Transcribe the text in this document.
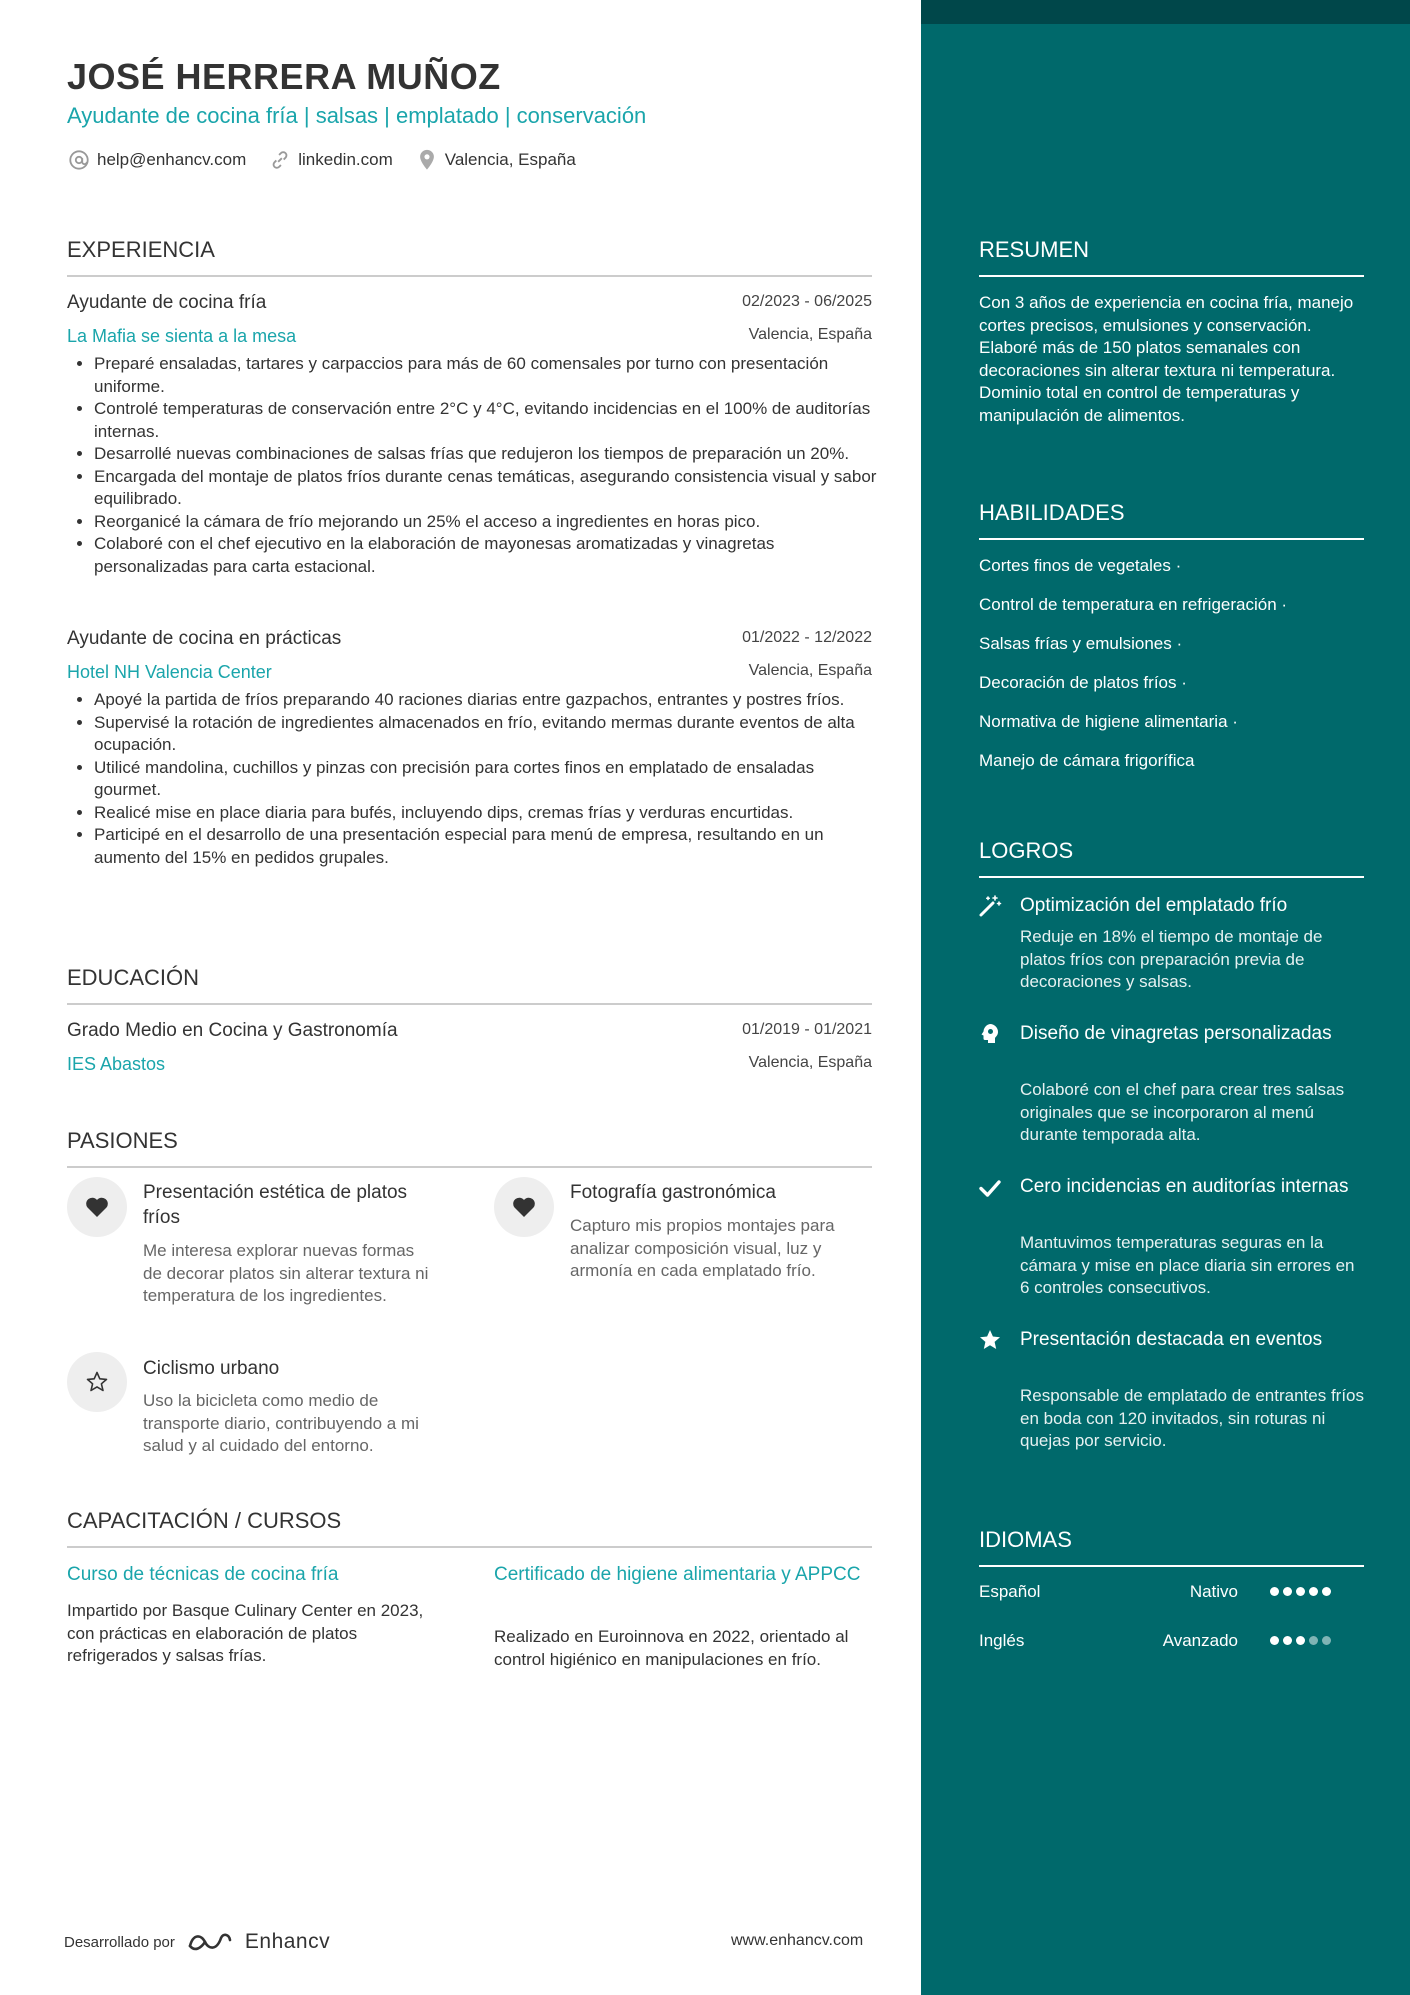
JOSÉ HERRERA MUÑOZ
Ayudante de cocina fría | salsas | emplatado | conservación
help@enhancv.com	linkedin.com	Valencia, España
EXPERIENCIA
Ayudante de cocina fría	02/2023 - 06/2025
La Mafia se sienta a la mesa	Valencia, España
• Preparé ensaladas, tartares y carpaccios para más de 60 comensales por turno con presentación uniforme.
• Controlé temperaturas de conservación entre 2°C y 4°C, evitando incidencias en el 100% de auditorías internas.
• Desarrollé nuevas combinaciones de salsas frías que redujeron los tiempos de preparación un 20%.
• Encargada del montaje de platos fríos durante cenas temáticas, asegurando consistencia visual y sabor equilibrado.
• Reorganicé la cámara de frío mejorando un 25% el acceso a ingredientes en horas pico.
• Colaboré con el chef ejecutivo en la elaboración de mayonesas aromatizadas y vinagretas personalizadas para carta estacional.
Ayudante de cocina en prácticas	01/2022 - 12/2022
Hotel NH Valencia Center	Valencia, España
• Apoyé la partida de fríos preparando 40 raciones diarias entre gazpachos, entrantes y postres fríos.
• Supervisé la rotación de ingredientes almacenados en frío, evitando mermas durante eventos de alta ocupación.
• Utilicé mandolina, cuchillos y pinzas con precisión para cortes finos en emplatado de ensaladas gourmet.
• Realicé mise en place diaria para bufés, incluyendo dips, cremas frías y verduras encurtidas.
• Participé en el desarrollo de una presentación especial para menú de empresa, resultando en un aumento del 15% en pedidos grupales.
EDUCACIÓN
Grado Medio en Cocina y Gastronomía	01/2019 - 01/2021
IES Abastos	Valencia, España
PASIONES
Presentación estética de platos fríos
Me interesa explorar nuevas formas de decorar platos sin alterar textura ni temperatura de los ingredientes.
Fotografía gastronómica
Capturo mis propios montajes para analizar composición visual, luz y armonía en cada emplatado frío.
Ciclismo urbano
Uso la bicicleta como medio de transporte diario, contribuyendo a mi salud y al cuidado del entorno.
CAPACITACIÓN / CURSOS
Curso de técnicas de cocina fría
Impartido por Basque Culinary Center en 2023, con prácticas en elaboración de platos refrigerados y salsas frías.
Certificado de higiene alimentaria y APPCC
Realizado en Euroinnova en 2022, orientado al control higiénico en manipulaciones en frío.
Desarrollado por	Enhancv	www.enhancv.com
RESUMEN
Con 3 años de experiencia en cocina fría, manejo cortes precisos, emulsiones y conservación. Elaboré más de 150 platos semanales con decoraciones sin alterar textura ni temperatura. Dominio total en control de temperaturas y manipulación de alimentos.
HABILIDADES
Cortes finos de vegetales ·
Control de temperatura en refrigeración ·
Salsas frías y emulsiones ·
Decoración de platos fríos ·
Normativa de higiene alimentaria ·
Manejo de cámara frigorífica
LOGROS
Optimización del emplatado frío
Reduje en 18% el tiempo de montaje de platos fríos con preparación previa de decoraciones y salsas.
Diseño de vinagretas personalizadas
Colaboré con el chef para crear tres salsas originales que se incorporaron al menú durante temporada alta.
Cero incidencias en auditorías internas
Mantuvimos temperaturas seguras en la cámara y mise en place diaria sin errores en 6 controles consecutivos.
Presentación destacada en eventos
Responsable de emplatado de entrantes fríos en boda con 120 invitados, sin roturas ni quejas por servicio.
IDIOMAS
Español	Nativo
Inglés	Avanzado
